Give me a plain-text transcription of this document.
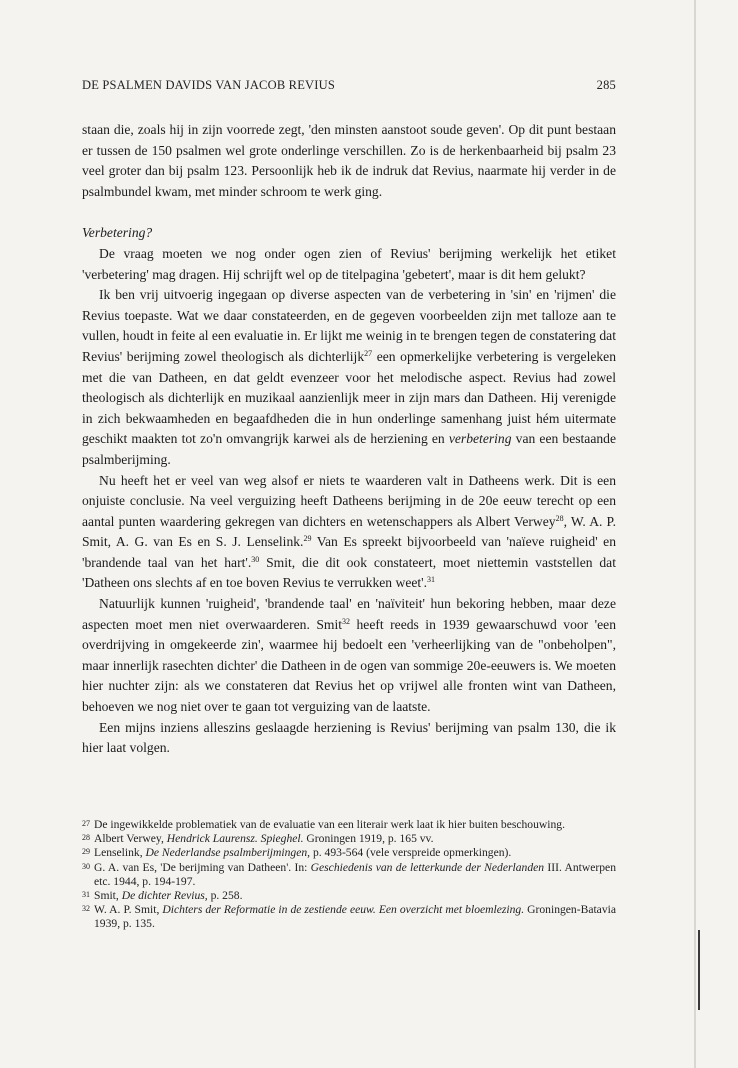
DE PSALMEN DAVIDS VAN JACOB REVIUS	285

staan die, zoals hij in zijn voorrede zegt, 'den minsten aanstoot soude geven'. Op dit punt bestaan er tussen de 150 psalmen wel grote onderlinge verschillen. Zo is de herkenbaarheid bij psalm 23 veel groter dan bij psalm 123. Persoonlijk heb ik de indruk dat Revius, naarmate hij verder in de psalmbundel kwam, met minder schroom te werk ging.

Verbetering?

De vraag moeten we nog onder ogen zien of Revius' berijming werkelijk het etiket 'verbetering' mag dragen. Hij schrijft wel op de titelpagina 'gebetert', maar is dit hem gelukt?

Ik ben vrij uitvoerig ingegaan op diverse aspecten van de verbetering in 'sin' en 'rijmen' die Revius toepaste. Wat we daar constateerden, en de gegeven voorbeelden zijn met talloze aan te vullen, houdt in feite al een evaluatie in. Er lijkt me weinig in te brengen tegen de constatering dat Revius' berijming zowel theologisch als dichterlijk$^{27}$ een opmerkelijke verbetering is vergeleken met die van Datheen, en dat geldt evenzeer voor het melodische aspect. Revius had zowel theologisch als dichterlijk en muzikaal aanzienlijk meer in zijn mars dan Datheen. Hij verenigde in zich bekwaamheden en begaafdheden die in hun onderlinge samenhang juist hém uitermate geschikt maakten tot zo'n omvangrijk karwei als de herziening en verbetering van een bestaande psalmberijming.

Nu heeft het er veel van weg alsof er niets te waarderen valt in Datheens werk. Dit is een onjuiste conclusie. Na veel verguizing heeft Datheens berijming in de 20e eeuw terecht op een aantal punten waardering gekregen van dichters en wetenschappers als Albert Verwey$^{28}$, W. A. P. Smit, A. G. van Es en S. J. Lenselink.$^{29}$ Van Es spreekt bijvoorbeeld van 'naïeve ruigheid' en 'brandende taal van het hart'.$^{30}$ Smit, die dit ook constateert, moet niettemin vaststellen dat 'Datheen ons slechts af en toe boven Revius te verrukken weet'.$^{31}$

Natuurlijk kunnen 'ruigheid', 'brandende taal' en 'naïviteit' hun bekoring hebben, maar deze aspecten moet men niet overwaarderen. Smit$^{32}$ heeft reeds in 1939 gewaarschuwd voor 'een overdrijving in omgekeerde zin', waarmee hij bedoelt een 'verheerlijking van de "onbeholpen", maar innerlijk rasechten dichter' die Datheen in de ogen van sommige 20e-eeuwers is. We moeten hier nuchter zijn: als we constateren dat Revius het op vrijwel alle fronten wint van Datheen, behoeven we nog niet over te gaan tot verguizing van de laatste.

Een mijns inziens alleszins geslaagde herziening is Revius' berijming van psalm 130, die ik hier laat volgen.

27 De ingewikkelde problematiek van de evaluatie van een literair werk laat ik hier buiten beschouwing.

28 Albert Verwey, Hendrick Laurensz. Spieghel. Groningen 1919, p. 165 vv.

29 Lenselink, De Nederlandse psalmberijmingen, p. 493-564 (vele verspreide opmerkingen).

30 G. A. van Es, 'De berijming van Datheen'. In: Geschiedenis van de letterkunde der Nederlanden III. Antwerpen etc. 1944, p. 194-197.

31 Smit, De dichter Revius, p. 258.

32 W. A. P. Smit, Dichters der Reformatie in de zestiende eeuw. Een overzicht met bloemlezing. Groningen-Batavia 1939, p. 135.
